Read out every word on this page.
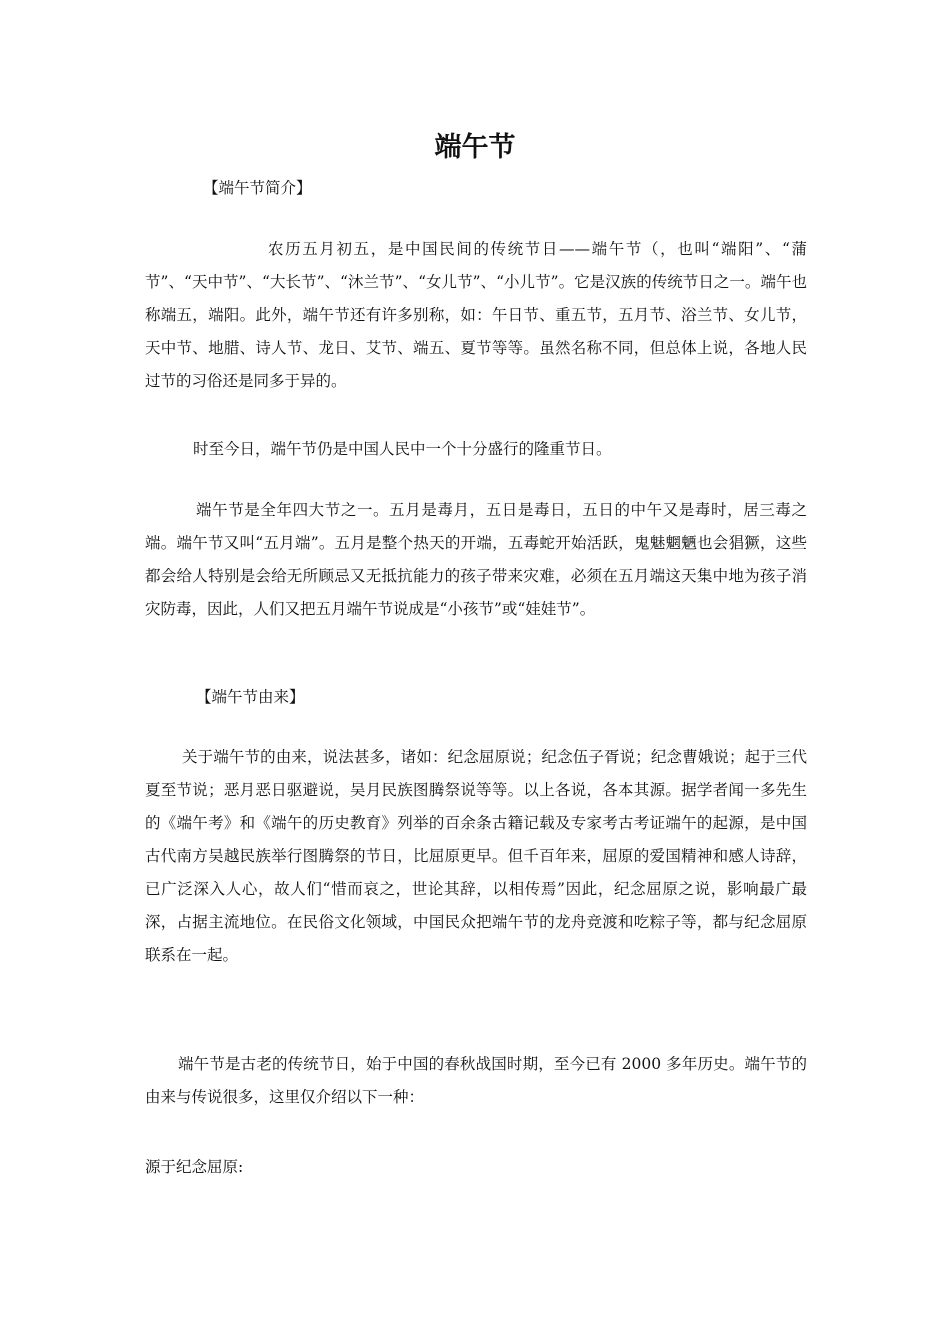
端午节

【端午节简介】

农历五月初五，是中国民间的传统节日——端午节（，也叫“端阳”、“蒲节”、“天中节”、“大长节”、“沐兰节”、“女儿节”、“小儿节”。它是汉族的传统节日之一。端午也称端五，端阳。此外，端午节还有许多别称，如：午日节、重五节，五月节、浴兰节、女儿节，天中节、地腊、诗人节、龙日、艾节、端五、夏节等等。虽然名称不同，但总体上说，各地人民过节的习俗还是同多于异的。

时至今日，端午节仍是中国人民中一个十分盛行的隆重节日。

端午节是全年四大节之一。五月是毒月，五日是毒日，五日的中午又是毒时，居三毒之端。端午节又叫“五月端”。五月是整个热天的开端，五毒蛇开始活跃，鬼魅魍魉也会猖獗，这些都会给人特别是会给无所顾忌又无抵抗能力的孩子带来灾难，必须在五月端这天集中地为孩子消灾防毒，因此，人们又把五月端午节说成是“小孩节”或“娃娃节”。

【端午节由来】

关于端午节的由来，说法甚多，诸如：纪念屈原说；纪念伍子胥说；纪念曹娥说；起于三代夏至节说；恶月恶日驱避说，吴月民族图腾祭说等等。以上各说，各本其源。据学者闻一多先生的《端午考》和《端午的历史教育》列举的百余条古籍记载及专家考古考证端午的起源，是中国古代南方吴越民族举行图腾祭的节日，比屈原更早。但千百年来，屈原的爱国精神和感人诗辞，已广泛深入人心，故人们“惜而哀之，世论其辞，以相传焉”因此，纪念屈原之说，影响最广最深，占据主流地位。在民俗文化领域，中国民众把端午节的龙舟竞渡和吃粽子等，都与纪念屈原联系在一起。

端午节是古老的传统节日，始于中国的春秋战国时期，至今已有 2000 多年历史。端午节的由来与传说很多，这里仅介绍以下一种：

源于纪念屈原:
